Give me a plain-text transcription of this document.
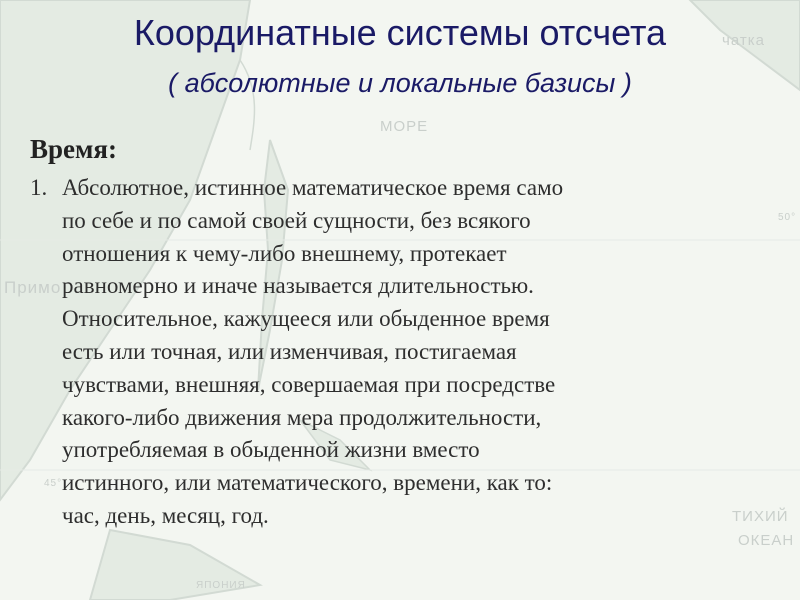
чатка
МОРЕ
Примо
50°
45°
ТИХИЙ
ОКЕАН
ЯПОНИЯ
Координатные системы отсчета
( абсолютные и локальные базисы )
Время:
1. Абсолютное, истинное математическое время само
по себе и по самой своей сущности, без всякого
отношения к чему-либо внешнему, протекает
равномерно и иначе называется длительностью.
Относительное, кажущееся или обыденное время
есть или точная, или изменчивая, постигаемая
чувствами, внешняя, совершаемая при посредстве
какого-либо движения мера продолжительности,
употребляемая в обыденной жизни вместо
истинного, или математического, времени, как то:
час, день, месяц, год.
